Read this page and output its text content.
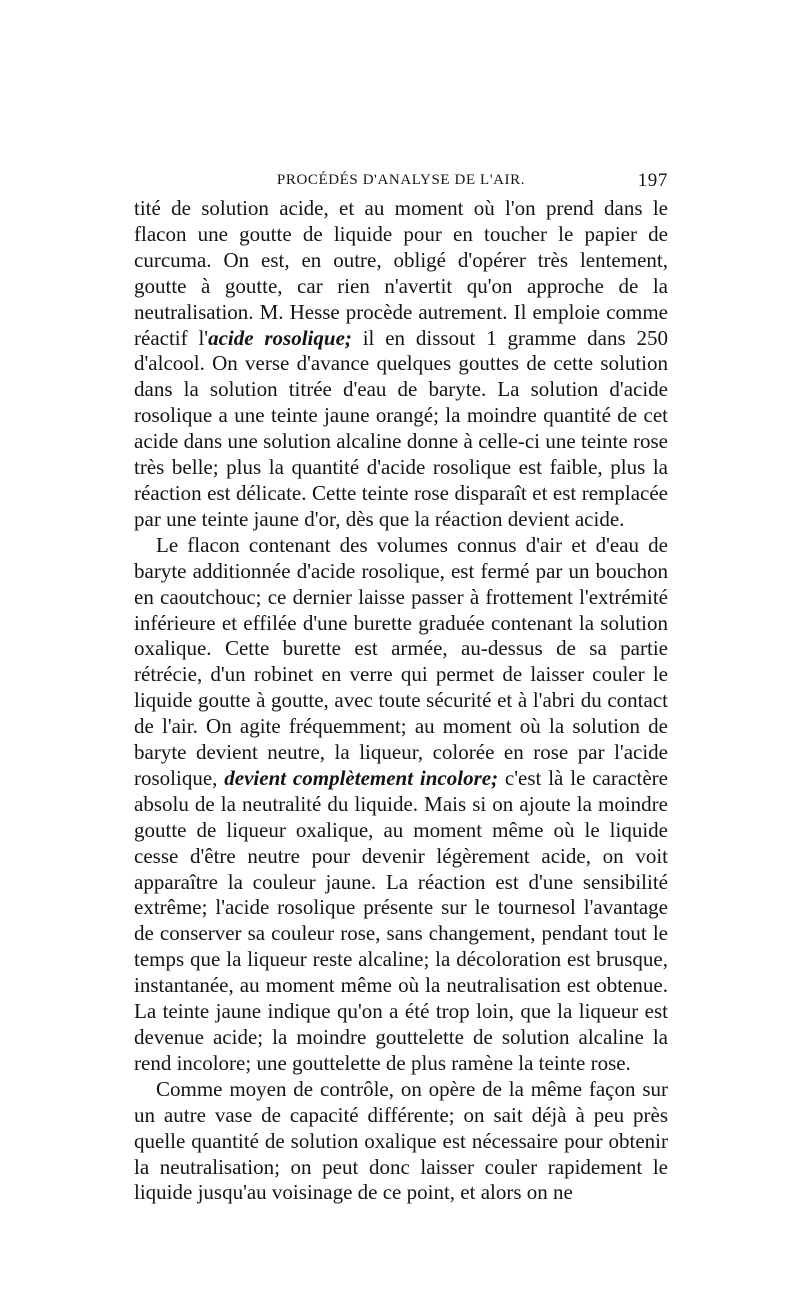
PROCÉDÉS D'ANALYSE DE L'AIR.	197

tité de solution acide, et au moment où l'on prend dans le flacon une goutte de liquide pour en toucher le papier de curcuma. On est, en outre, obligé d'opérer très lentement, goutte à goutte, car rien n'avertit qu'on approche de la neutralisation. M. Hesse procède autrement. Il emploie comme réactif l'acide rosolique; il en dissout 1 gramme dans 250 d'alcool. On verse d'avance quelques gouttes de cette solution dans la solution titrée d'eau de baryte. La solution d'acide rosolique a une teinte jaune orangé; la moindre quantité de cet acide dans une solution alcaline donne à celle-ci une teinte rose très belle; plus la quantité d'acide rosolique est faible, plus la réaction est délicate. Cette teinte rose disparaît et est remplacée par une teinte jaune d'or, dès que la réaction devient acide.

Le flacon contenant des volumes connus d'air et d'eau de baryte additionnée d'acide rosolique, est fermé par un bouchon en caoutchouc; ce dernier laisse passer à frottement l'extrémité inférieure et effilée d'une burette graduée contenant la solution oxalique. Cette burette est armée, au-dessus de sa partie rétrécie, d'un robinet en verre qui permet de laisser couler le liquide goutte à goutte, avec toute sécurité et à l'abri du contact de l'air. On agite fréquemment; au moment où la solution de baryte devient neutre, la liqueur, colorée en rose par l'acide rosolique, devient complètement incolore; c'est là le caractère absolu de la neutralité du liquide. Mais si on ajoute la moindre goutte de liqueur oxalique, au moment même où le liquide cesse d'être neutre pour devenir légèrement acide, on voit apparaître la couleur jaune. La réaction est d'une sensibilité extrême; l'acide rosolique présente sur le tournesol l'avantage de conserver sa couleur rose, sans changement, pendant tout le temps que la liqueur reste alcaline; la décoloration est brusque, instantanée, au moment même où la neutralisation est obtenue. La teinte jaune indique qu'on a été trop loin, que la liqueur est devenue acide; la moindre gouttelette de solution alcaline la rend incolore; une gouttelette de plus ramène la teinte rose.

Comme moyen de contrôle, on opère de la même façon sur un autre vase de capacité différente; on sait déjà à peu près quelle quantité de solution oxalique est nécessaire pour obtenir la neutralisation; on peut donc laisser couler rapidement le liquide jusqu'au voisinage de ce point, et alors on ne
